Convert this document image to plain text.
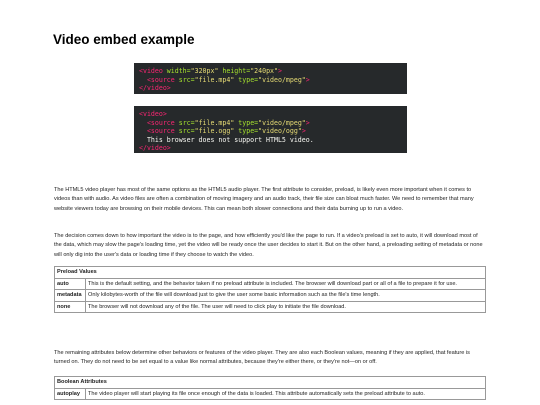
Video embed example
<video width="320px" height="240px">
<source src="file.mp4" type="video/mpeg">
</video>
<video>
<source src="file.mp4" type="video/mpeg">
<source src="file.ogg" type="video/ogg">
This browser does not support HTML5 video.
</video>

The HTML5 video player has most of the same options as the HTML5 audio player. The first attribute to consider, preload, is likely even more important when it comes to videos than with audio. As video files are often a combination of moving imagery and an audio track, their file size can bloat much faster. We need to remember that many website viewers today are browsing on their mobile devices. This can mean both slower connections and their data burning up to run a video.

The decision comes down to how important the video is to the page, and how efficiently you'd like the page to run. If a video's preload is set to auto, it will download most of the data, which may slow the page's loading time, yet the video will be ready once the user decides to start it. But on the other hand, a preloading setting of metadata or none will only dig into the user's data or loading time if they choose to watch the video.

Preload Values	
auto	This is the default setting, and the behavior taken if no preload attribute is included. The browser will download part or all of a file to prepare it for use.
metadata	Only kilobytes-worth of the file will download just to give the user some basic information such as the file's time length.
none	The browser will not download any of the file. The user will need to click play to initiate the file download.

The remaining attributes below determine other behaviors or features of the video player. They are also each Boolean values, meaning if they are applied, that feature is turned on. They do not need to be set equal to a value like normal attributes, because they're either there, or they're not—on or off.

Boolean Attributes
autoplay	The video player will start playing its file once enough of the data is loaded. This attribute automatically sets the preload attribute to auto.
